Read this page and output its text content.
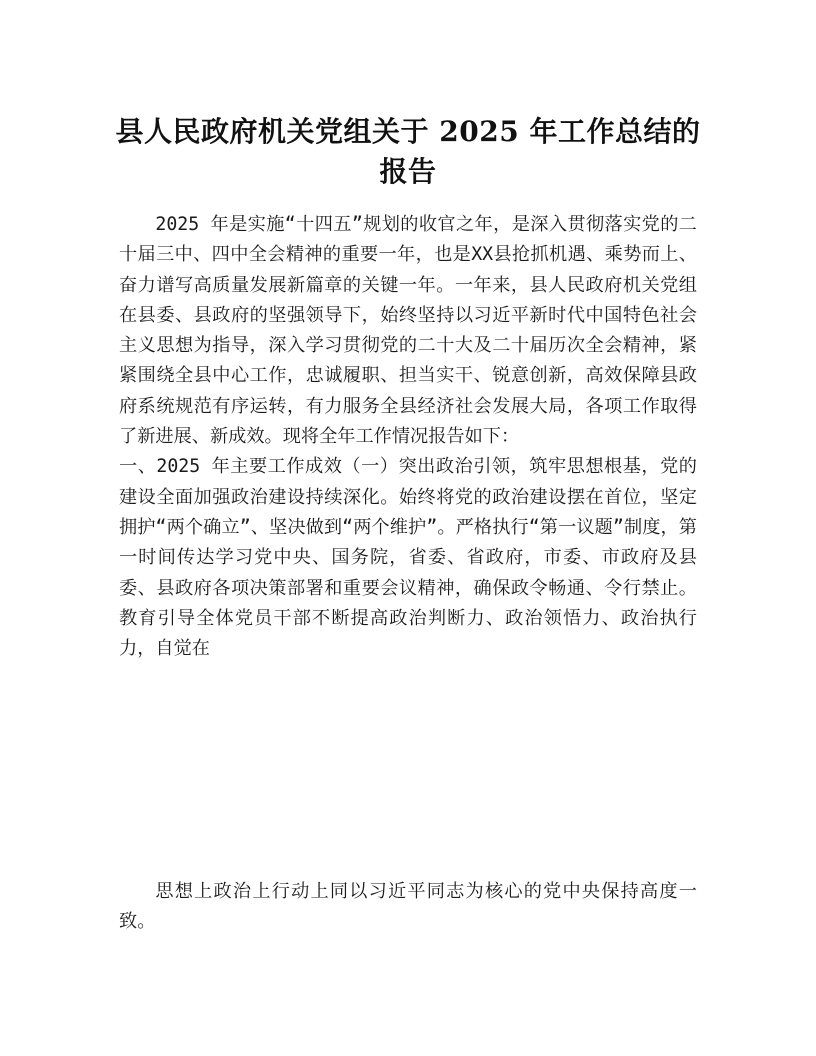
县人民政府机关党组关于 2025 年工作总结的报告

2025 年是实施“十四五”规划的收官之年，是深入贯彻落实党的二十届三中、四中全会精神的重要一年，也是XX县抢抓机遇、乘势而上、奋力谱写高质量发展新篇章的关键一年。一年来，县人民政府机关党组在县委、县政府的坚强领导下，始终坚持以习近平新时代中国特色社会主义思想为指导，深入学习贯彻党的二十大及二十届历次全会精神，紧紧围绕全县中心工作，忠诚履职、担当实干、锐意创新，高效保障县政府系统规范有序运转，有力服务全县经济社会发展大局，各项工作取得了新进展、新成效。现将全年工作情况报告如下：
一、2025 年主要工作成效（一）突出政治引领，筑牢思想根基，党的建设全面加强政治建设持续深化。始终将党的政治建设摆在首位，坚定拥护“两个确立”、坚决做到“两个维护”。严格执行“第一议题”制度，第一时间传达学习党中央、国务院，省委、省政府，市委、市政府及县委、县政府各项决策部署和重要会议精神，确保政令畅通、令行禁止。教育引导全体党员干部不断提高政治判断力、政治领悟力、政治执行力，自觉在

思想上政治上行动上同以习近平同志为核心的党中央保持高度一致。
